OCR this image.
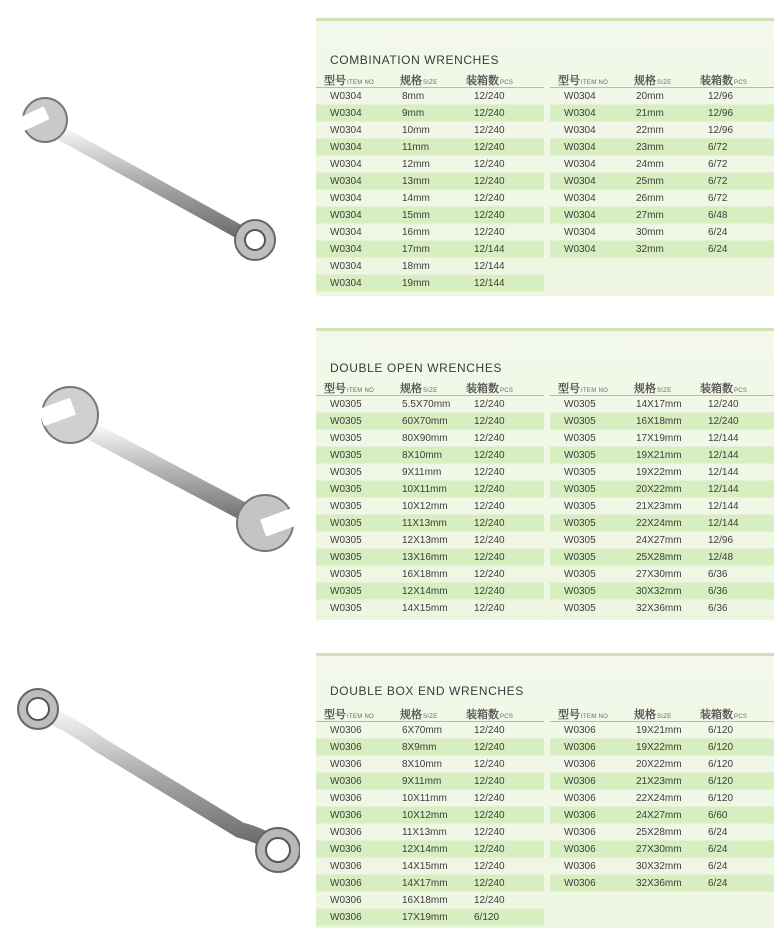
COMBINATION WRENCHES
型号ITEM NO 规格SIZE	装箱数PCS
W0304	8mm	12/240
W0304	9mm	12/240
W0304	10mm	12/240
W0304	11mm	12/240
W0304	12mm	12/240
W0304	13mm	12/240
W0304	14mm	12/240
W0304	15mm	12/240
W0304	16mm	12/240
W0304	17mm	12/144
W0304	18mm	12/144
W0304	19mm	12/144
型号ITEM NO 规格SIZE	装箱数PCS
W0304	20mm	12/96
W0304	21mm	12/96
W0304	22mm	12/96
W0304	23mm	6/72
W0304	24mm	6/72
W0304	25mm	6/72
W0304	26mm	6/72
W0304	27mm	6/48
W0304	30mm	6/24
W0304	32mm	6/24
DOUBLE OPEN WRENCHES
型号ITEM NO 规格SIZE	装箱数PCS
W0305	5.5X70mm 12/240
W0305	60X70mm	12/240
W0305	80X90mm	12/240
W0305	8X10mm	12/240
W0305	9X11mm	12/240
W0305	10X11mm	12/240
W0305	10X12mm	12/240
W0305	11X13mm	12/240
W0305	12X13mm	12/240
W0305	13X16mm	12/240
W0305	16X18mm	12/240
W0305	12X14mm	12/240
W0305	14X15mm	12/240
型号ITEM NO 规格SIZE	装箱数PCS
W0305	14X17mm	12/240
W0305	16X18mm	12/240
W0305	17X19mm	12/144
W0305	19X21mm	12/144
W0305	19X22mm	12/144
W0305	20X22mm	12/144
W0305	21X23mm	12/144
W0305	22X24mm	12/144
W0305	24X27mm	12/96
W0305	25X28mm	12/48
W0305	27X30mm	6/36
W0305	30X32mm	6/36
W0305	32X36mm	6/36
DOUBLE BOX END WRENCHES
型号ITEM NO 规格SIZE	装箱数PCS
W0306	6X70mm	12/240
W0306	8X9mm	12/240
W0306	8X10mm	12/240
W0306	9X11mm	12/240
W0306	10X11mm	12/240
W0306	10X12mm	12/240
W0306	11X13mm	12/240
W0306	12X14mm	12/240
W0306	14X15mm	12/240
W0306	14X17mm	12/240
W0306	16X18mm	12/240
W0306	17X19mm	6/120
型号ITEM NO 规格SIZE	装箱数PCS
W0306	19X21mm	6/120
W0306	19X22mm	6/120
W0306	20X22mm	6/120
W0306	21X23mm	6/120
W0306	22X24mm	6/120
W0306	24X27mm	6/60
W0306	25X28mm	6/24
W0306	27X30mm	6/24
W0306	30X32mm	6/24
W0306	32X36mm	6/24
